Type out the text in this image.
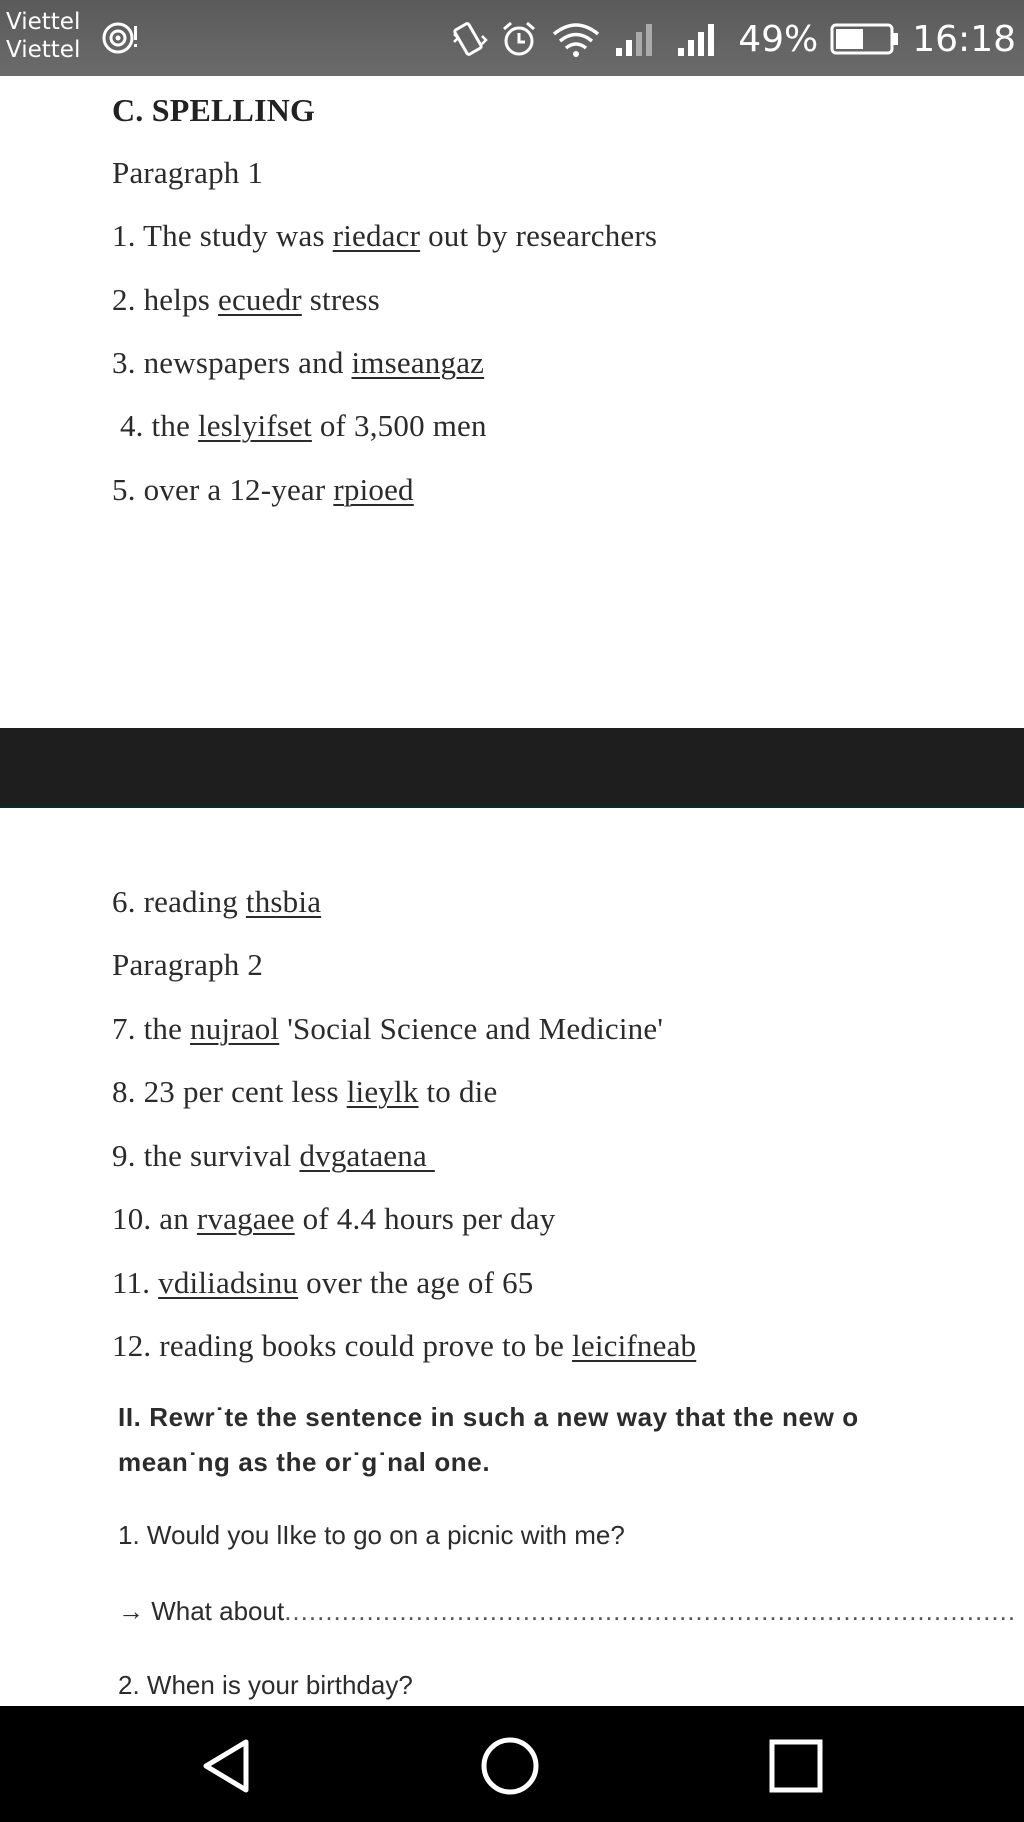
Viettel
Viettel	49%	16:18
C. SPELLING
Paragraph 1
1. The study was riedacr out by researchers
2. helps ecuedr stress
3. newspapers and imseangaz
4. the leslyifset of 3,500 men
5. over a 12-year rpioed
6. reading thsbia
Paragraph 2
7. the nujraol 'Social Science and Medicine'
8. 23 per cent less lieylk to die
9. the survival dvgataena
10. an rvagaee of 4.4 hours per day
11. vdiliadsinu over the age of 65
12. reading books could prove to be leicifneab
II. Rewr˙te the sentence in such a new way that the new o
mean˙ng as the or˙g˙nal one.
1. Would you lIke to go on a picnic with me?
→ What about.........................................................................................
2. When is your birthday?
